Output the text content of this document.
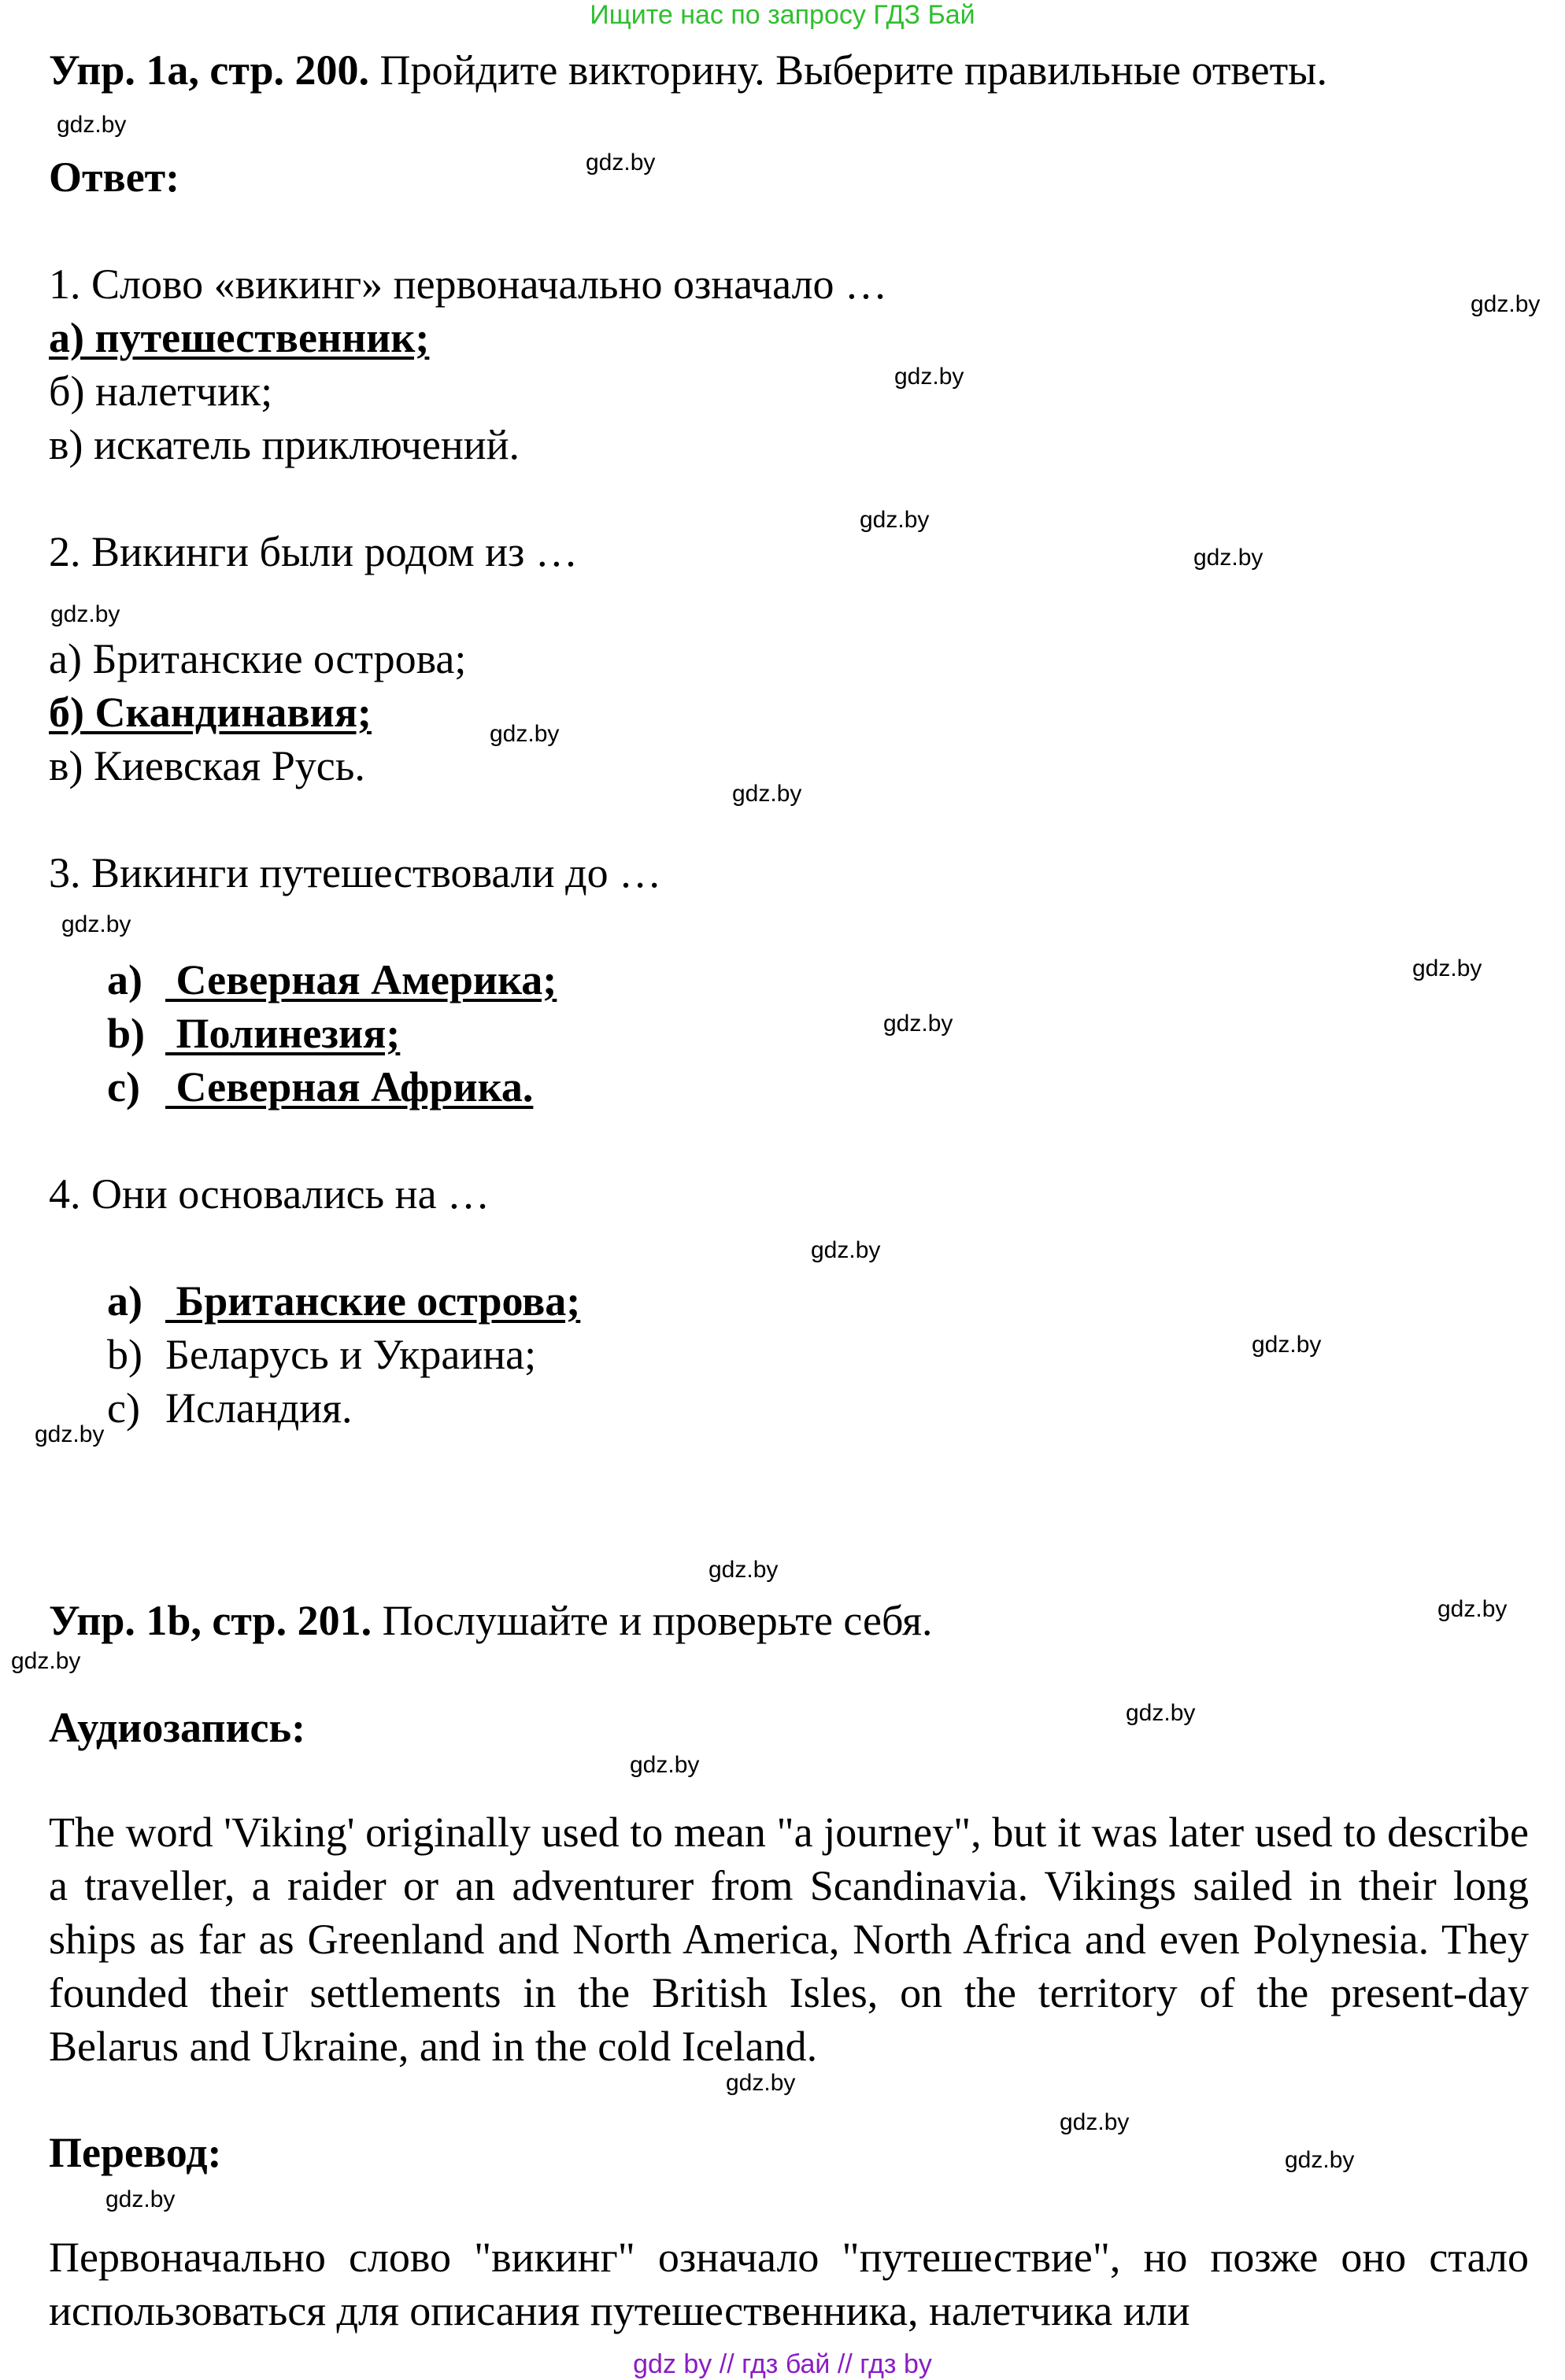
Ищите нас по запросу ГДЗ Бай
Упр. 1а, стр. 200. Пройдите викторину. Выберите правильные ответы.
Ответ:
1. Слово «викинг» первоначально означало …
а) путешественник;
б) налетчик;
в) искатель приключений.
2. Викинги были родом из …
а) Британские острова;
б) Скандинавия;
в) Киевская Русь.
3. Викинги путешествовали до …
a) Северная Америка;
b) Полинезия;
c) Северная Африка.
4. Они основались на …
a) Британские острова;
b) Беларусь и Украина;
c) Исландия.
Упр. 1b, стр. 201. Послушайте и проверьте себя.
Аудиозапись:
The word 'Viking' originally used to mean "a journey", but it was later used to describe a traveller, a raider or an adventurer from Scandinavia. Vikings sailed in their long ships as far as Greenland and North America, North Africa and even Polynesia. They founded their settlements in the British Isles, on the territory of the present-day Belarus and Ukraine, and in the cold Iceland.
Перевод:
Первоначально слово "викинг" означало "путешествие", но позже оно стало использоваться для описания путешественника, налетчика или
gdz.by
gdz.by
gdz.by
gdz.by
gdz.by
gdz.by
gdz.by
gdz.by
gdz.by
gdz.by
gdz.by
gdz.by
gdz.by
gdz.by
gdz.by
gdz.by
gdz.by
gdz.by
gdz.by
gdz.by
gdz.by
gdz.by
gdz.by
gdz.by
gdz by // гдз бай // гдз by
